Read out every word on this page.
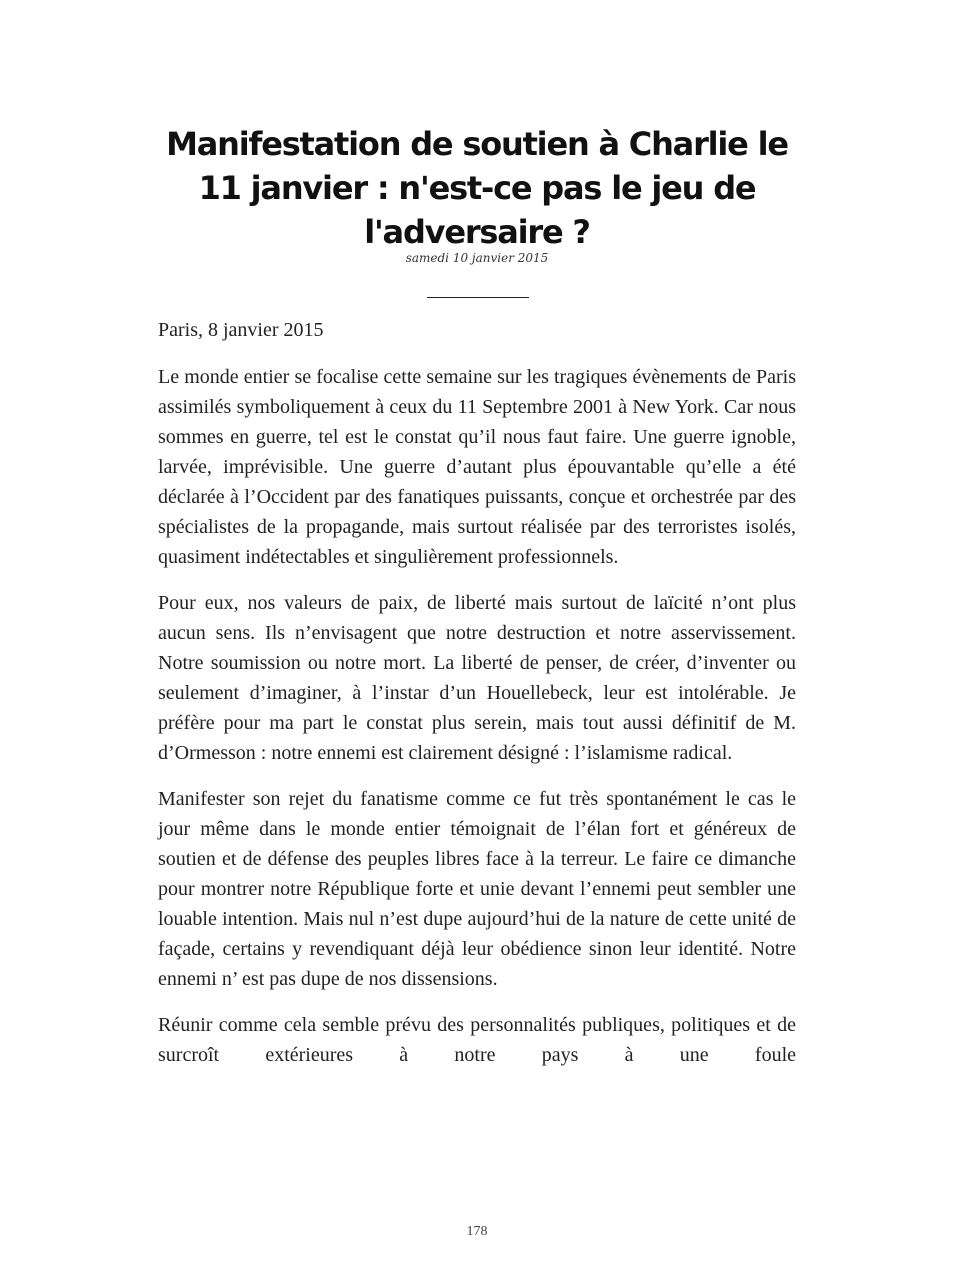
Manifestation de soutien à Charlie le 11 janvier : n'est-ce pas le jeu de l'adversaire ?
samedi 10 janvier 2015

Paris, 8 janvier 2015

Le monde entier se focalise cette semaine sur les tragiques évènements de Paris assimilés symboliquement à ceux du 11 Septembre 2001 à New York. Car nous sommes en guerre, tel est le constat qu’il nous faut faire. Une guerre ignoble, larvée, imprévisible. Une guerre d’autant plus épouvantable qu’elle a été déclarée à l’Occident par des fanatiques puissants, conçue et orchestrée par des spécialistes de la propagande, mais surtout réalisée par des terroristes isolés, quasiment indétectables et singulièrement professionnels.

Pour eux, nos valeurs de paix, de liberté mais surtout de laïcité n’ont plus aucun sens. Ils n’envisagent que notre destruction et notre asservissement. Notre soumission ou notre mort. La liberté de penser, de créer, d’inventer ou seulement d’imaginer, à l’instar d’un Houellebeck, leur est intolérable. Je préfère pour ma part le constat plus serein, mais tout aussi définitif de M. d’Ormesson : notre ennemi est clairement désigné : l’islamisme radical.

Manifester son rejet du fanatisme comme ce fut très spontanément le cas le jour même dans le monde entier témoignait de l’élan fort et généreux de soutien et de défense des peuples libres face à la terreur. Le faire ce dimanche pour montrer notre République forte et unie devant l’ennemi peut sembler une louable intention. Mais nul n’est dupe aujourd’hui de la nature de cette unité de façade, certains y revendiquant déjà leur obédience sinon leur identité. Notre ennemi n’ est pas dupe de nos dissensions.

Réunir comme cela semble prévu des personnalités publiques, politiques et de surcroît extérieures à notre pays à une foule

178
